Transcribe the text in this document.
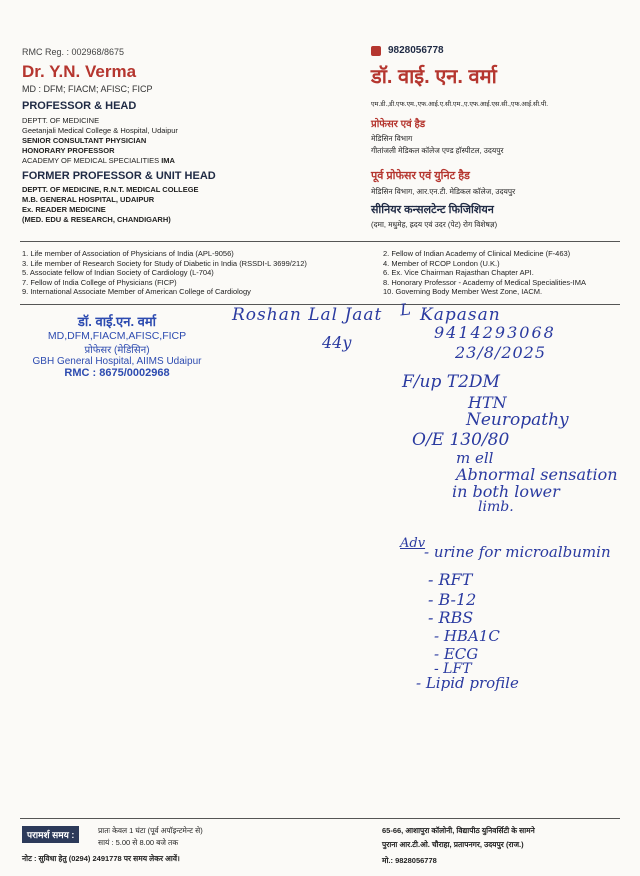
RMC Reg. : 002968/8675
Dr. Y.N. Verma
MD : DFM; FIACM; AFISC; FICP
PROFESSOR & HEAD
DEPTT. OF MEDICINE
Geetanjali Medical College & Hospital, Udaipur
SENIOR CONSULTANT PHYSICIAN
HONORARY PROFESSOR
ACADEMY OF MEDICAL SPECIALITIES IMA
FORMER PROFESSOR & UNIT HEAD
DEPTT. OF MEDICINE, R.N.T. MEDICAL COLLEGE
M.B. GENERAL HOSPITAL, UDAIPUR
Ex. READER MEDICINE
(MED. EDU & RESEARCH, CHANDIGARH)
9828056778
डॉ. वाई. एन. वर्मा
एम.डी.,डी.एफ.एम.,एफ.आई.ए.सी.एम.,ए.एफ.आई.एस.सी.,एफ.आई.सी.पी.
प्रोफेसर एवं हैड
मेडिसिन विभाग
गीतांजली मेडिकल कॉलेज एण्ड हॉस्पीटल, उदयपुर
पूर्व प्रोफेसर एवं युनिट हैड
मेडिसिन विभाग, आर.एन.टी. मेडिकल कॉलेज, उदयपुर
सीनियर कन्सलटेन्ट फिजिशियन
(दमा, मधुमेह, ह्रदय एवं उदर (पेट) रोग विशेषज्ञ)
1. Life member of Association of Physicians of India (APL-9056)
3. Life member of Research Society for Study of Diabetic in India (RSSDI-L 3699/212)
5. Associate fellow of Indian Society of Cardiology (L-704)
7. Fellow of India College of Physicians (FICP)
9. International Associate Member of American College of Cardiology
2. Fellow of Indian Academy of Clinical Medicine (F-463)
4. Member of RCOP London (U.K.)
6. Ex. Vice Chairman Rajasthan Chapter API.
8. Honorary Professor - Academy of Medical Specialities-IMA
10. Governing Body Member West Zone, IACM.
डॉ. वाई.एन. वर्मा
MD,DFM,FIACM,AFISC,FICP
प्रोफेसर (मेडिसिन)
GBH General Hospital, AIIMS Udaipur
RMC : 8675/0002968
Roshan Lal Jaat L Kapasan
44y
9414293068
23/8/2025
F/up T2DM
HTN
Neuropathy
O/E 130/80
m ell
Abnormal sensation
in both lower
limb.
Adv
- urine for microalbumin
- RFT
- B-12
- RBS
- HBA1C
- ECG
- LFT
- Lipid profile
परामर्श समय :	प्रातः केवल 1 घंटा (पूर्व अपॉइन्टमेन्ट से)
सायं : 5.00 से 8.00 बजे तक
नोट : सुविधा हेतु (0294) 2491778 पर समय लेकर आवें।
65-66, आशापुरा कॉलोनी, विद्यापीठ युनिवर्सिटी के सामने
पुराना आर.टी.ओ. चौराहा, प्रतापनगर, उदयपुर (राज.)
मो.: 9828056778
